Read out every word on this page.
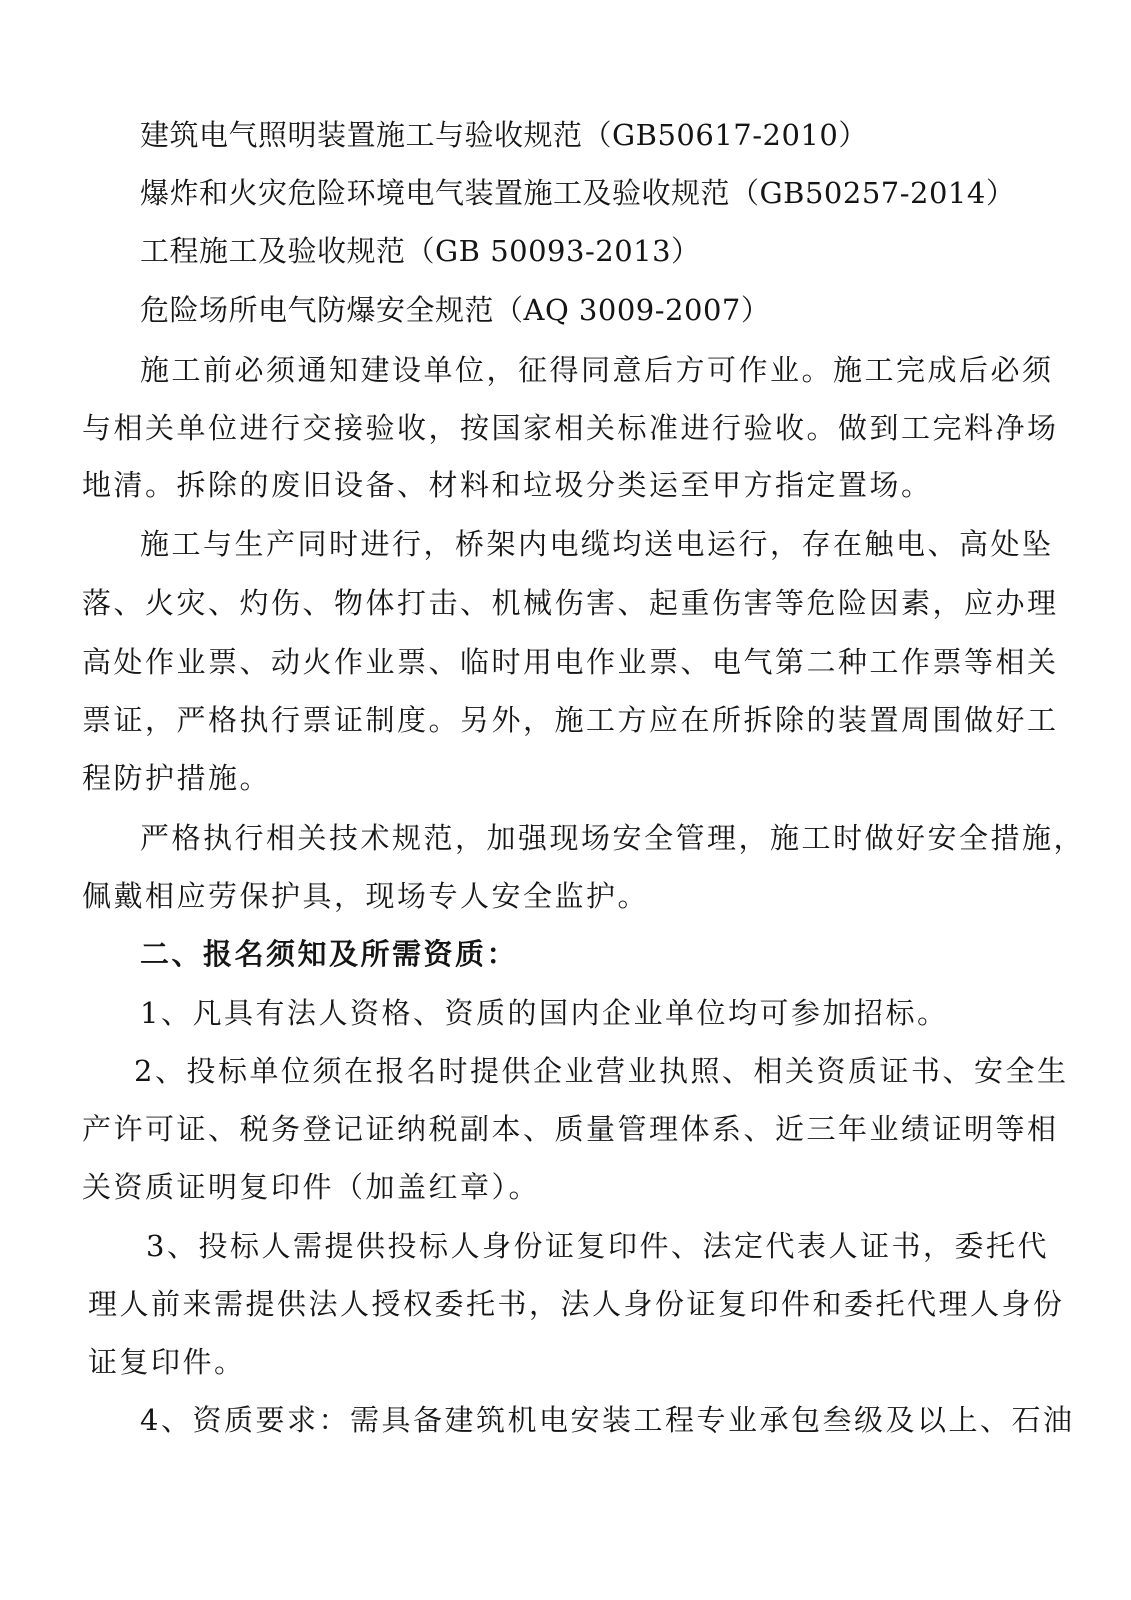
建筑电气照明装置施工与验收规范（GB50617-2010）
爆炸和火灾危险环境电气装置施工及验收规范（GB50257-2014）
工程施工及验收规范（GB 50093-2013）
危险场所电气防爆安全规范（AQ 3009-2007）
施工前必须通知建设单位，征得同意后方可作业。施工完成后必须
与相关单位进行交接验收，按国家相关标准进行验收。做到工完料净场
地清。拆除的废旧设备、材料和垃圾分类运至甲方指定置场。
施工与生产同时进行，桥架内电缆均送电运行，存在触电、高处坠
落、火灾、灼伤、物体打击、机械伤害、起重伤害等危险因素，应办理
高处作业票、动火作业票、临时用电作业票、电气第二种工作票等相关
票证，严格执行票证制度。另外，施工方应在所拆除的装置周围做好工
程防护措施。
严格执行相关技术规范，加强现场安全管理，施工时做好安全措施，
佩戴相应劳保护具，现场专人安全监护。
二、报名须知及所需资质：
1、凡具有法人资格、资质的国内企业单位均可参加招标。
2、投标单位须在报名时提供企业营业执照、相关资质证书、安全生
产许可证、税务登记证纳税副本、质量管理体系、近三年业绩证明等相
关资质证明复印件（加盖红章）。
3、投标人需提供投标人身份证复印件、法定代表人证书，委托代
理人前来需提供法人授权委托书，法人身份证复印件和委托代理人身份
证复印件。
4、资质要求：需具备建筑机电安装工程专业承包叁级及以上、石油
